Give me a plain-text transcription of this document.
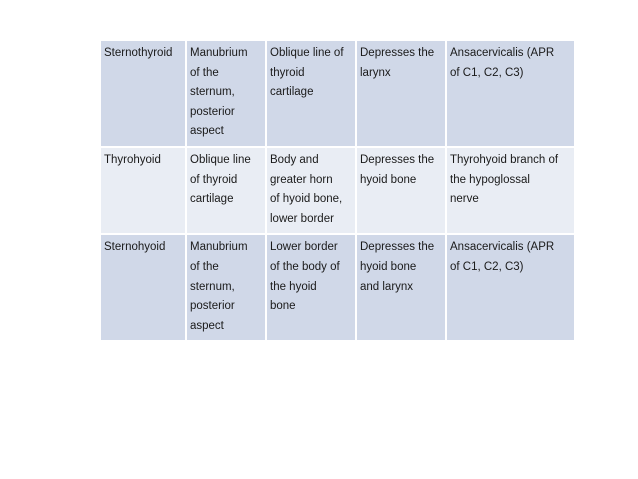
Sternothyroid	Manubrium
of the
sternum,
posterior
aspect	Oblique line of
thyroid
cartilage	Depresses the
larynx	Ansacervicalis (APR
of C1, C2, C3)

Thyrohyoid	Oblique line
of thyroid
cartilage	Body and
greater horn
of hyoid bone,
lower border	Depresses the
hyoid bone	Thyrohyoid branch of
the hypoglossal
nerve

Sternohyoid	Manubrium
of the
sternum,
posterior
aspect	Lower border
of the body of
the hyoid
bone	Depresses the
hyoid bone
and larynx	Ansacervicalis (APR
of C1, C2, C3)
